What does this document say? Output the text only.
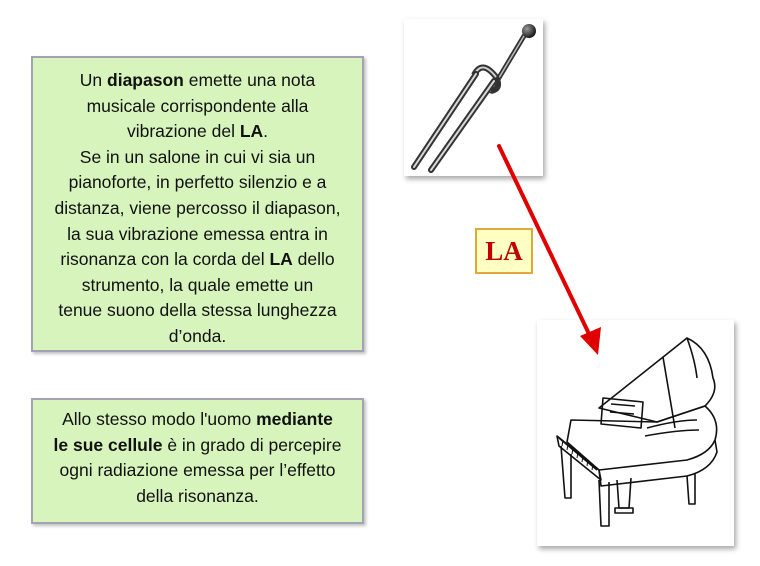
Un diapason emette una nota

musicale corrispondente alla

vibrazione del LA.

Se in un salone in cui vi sia un

pianoforte, in perfetto silenzio e a

distanza, viene percosso il diapason,

la sua vibrazione emessa entra in

risonanza con la corda del LA dello

strumento, la quale emette un

tenue suono della stessa lunghezza

d’onda.

Allo stesso modo l'uomo mediante

le sue cellule è in grado di percepire

ogni radiazione emessa per l’effetto

della risonanza.

LA
